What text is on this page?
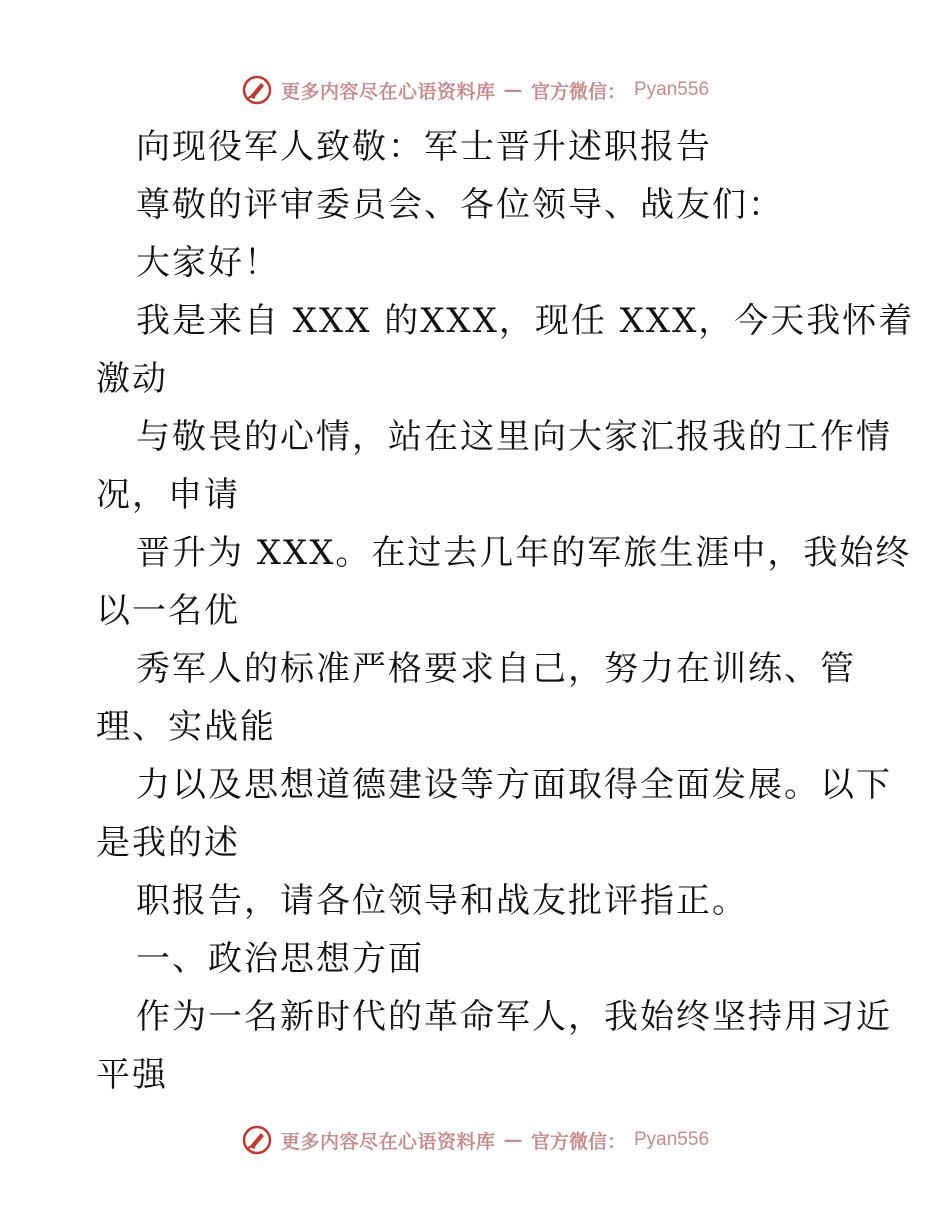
更多内容尽在心语资料库 — 官方微信： Pyan556
向现役军人致敬：军士晋升述职报告
尊敬的评审委员会、各位领导、战友们：
大家好！
我是来自 XXX 的XXX，现任 XXX，今天我怀着
激动
与敬畏的心情，站在这里向大家汇报我的工作情
况，申请
晋升为 XXX。在过去几年的军旅生涯中，我始终
以一名优
秀军人的标准严格要求自己，努力在训练、管
理、实战能
力以及思想道德建设等方面取得全面发展。以下
是我的述
职报告，请各位领导和战友批评指正。
一、政治思想方面
作为一名新时代的革命军人，我始终坚持用习近
平强
更多内容尽在心语资料库 — 官方微信： Pyan556
